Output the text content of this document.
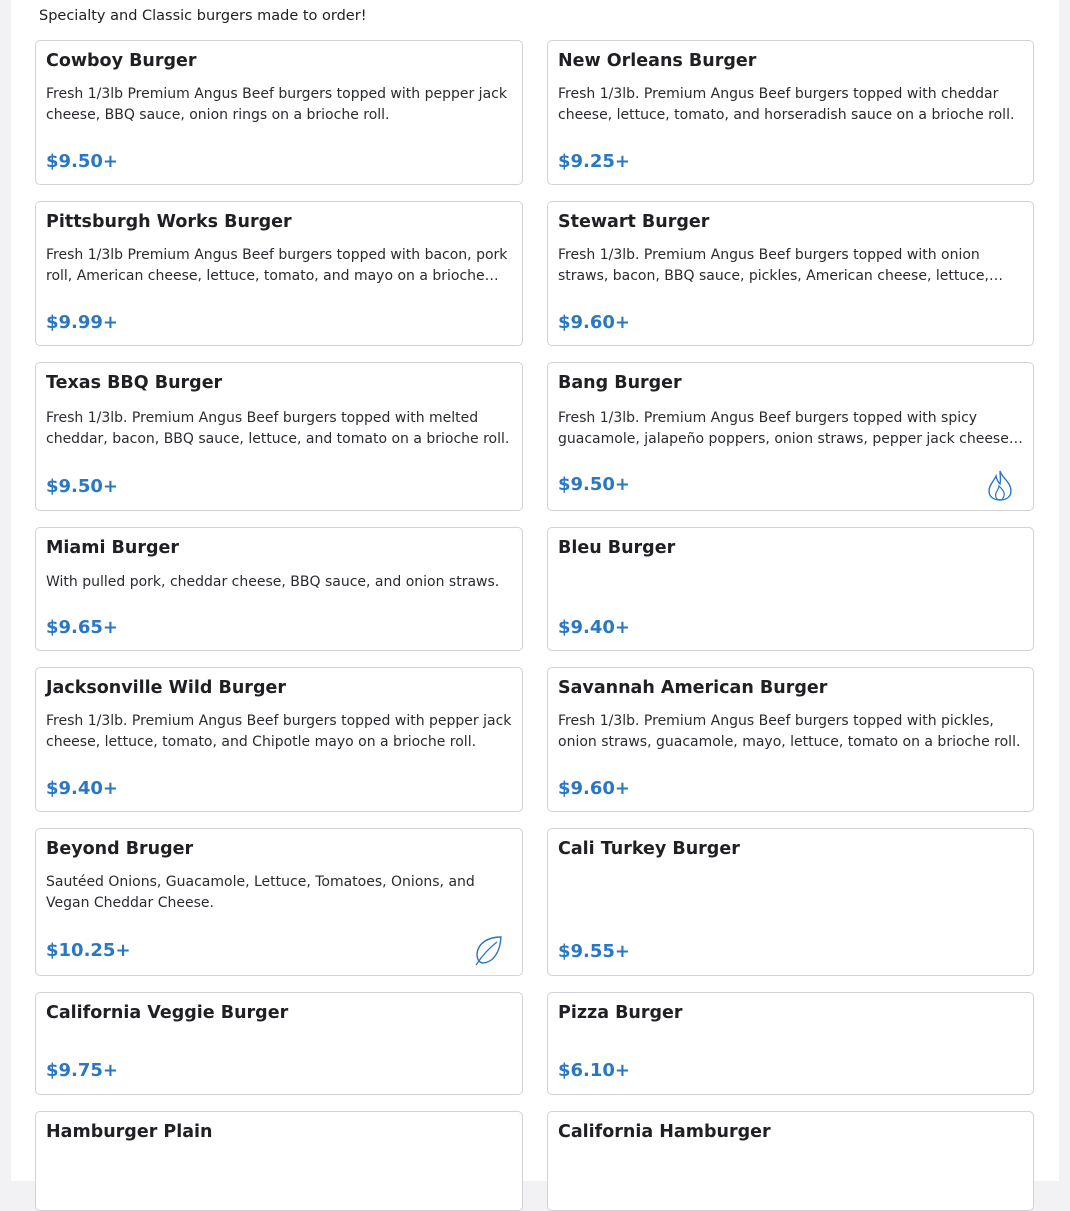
Specialty and Classic burgers made to order!
Cowboy Burger
Fresh 1/3lb Premium Angus Beef burgers topped with pepper jack cheese, BBQ sauce, onion rings on a brioche roll.
$9.50+
New Orleans Burger
Fresh 1/3lb. Premium Angus Beef burgers topped with cheddar cheese, lettuce, tomato, and horseradish sauce on a brioche roll.
$9.25+
Pittsburgh Works Burger
Fresh 1/3lb Premium Angus Beef burgers topped with bacon, pork roll, American cheese, lettuce, tomato, and mayo on a brioche…
$9.99+
Stewart Burger
Fresh 1/3lb. Premium Angus Beef burgers topped with onion straws, bacon, BBQ sauce, pickles, American cheese, lettuce,…
$9.60+
Texas BBQ Burger
Fresh 1/3lb. Premium Angus Beef burgers topped with melted cheddar, bacon, BBQ sauce, lettuce, and tomato on a brioche roll.
$9.50+
Bang Burger
Fresh 1/3lb. Premium Angus Beef burgers topped with spicy guacamole, jalapeño poppers, onion straws, pepper jack cheese…
$9.50+
Miami Burger
With pulled pork, cheddar cheese, BBQ sauce, and onion straws.
$9.65+
Bleu Burger
$9.40+
Jacksonville Wild Burger
Fresh 1/3lb. Premium Angus Beef burgers topped with pepper jack cheese, lettuce, tomato, and Chipotle mayo on a brioche roll.
$9.40+
Savannah American Burger
Fresh 1/3lb. Premium Angus Beef burgers topped with pickles, onion straws, guacamole, mayo, lettuce, tomato on a brioche roll.
$9.60+
Beyond Bruger
Sautéed Onions, Guacamole, Lettuce, Tomatoes, Onions, and Vegan Cheddar Cheese.
$10.25+
Cali Turkey Burger
$9.55+
California Veggie Burger
$9.75+
Pizza Burger
$6.10+
Hamburger Plain	California Hamburger
